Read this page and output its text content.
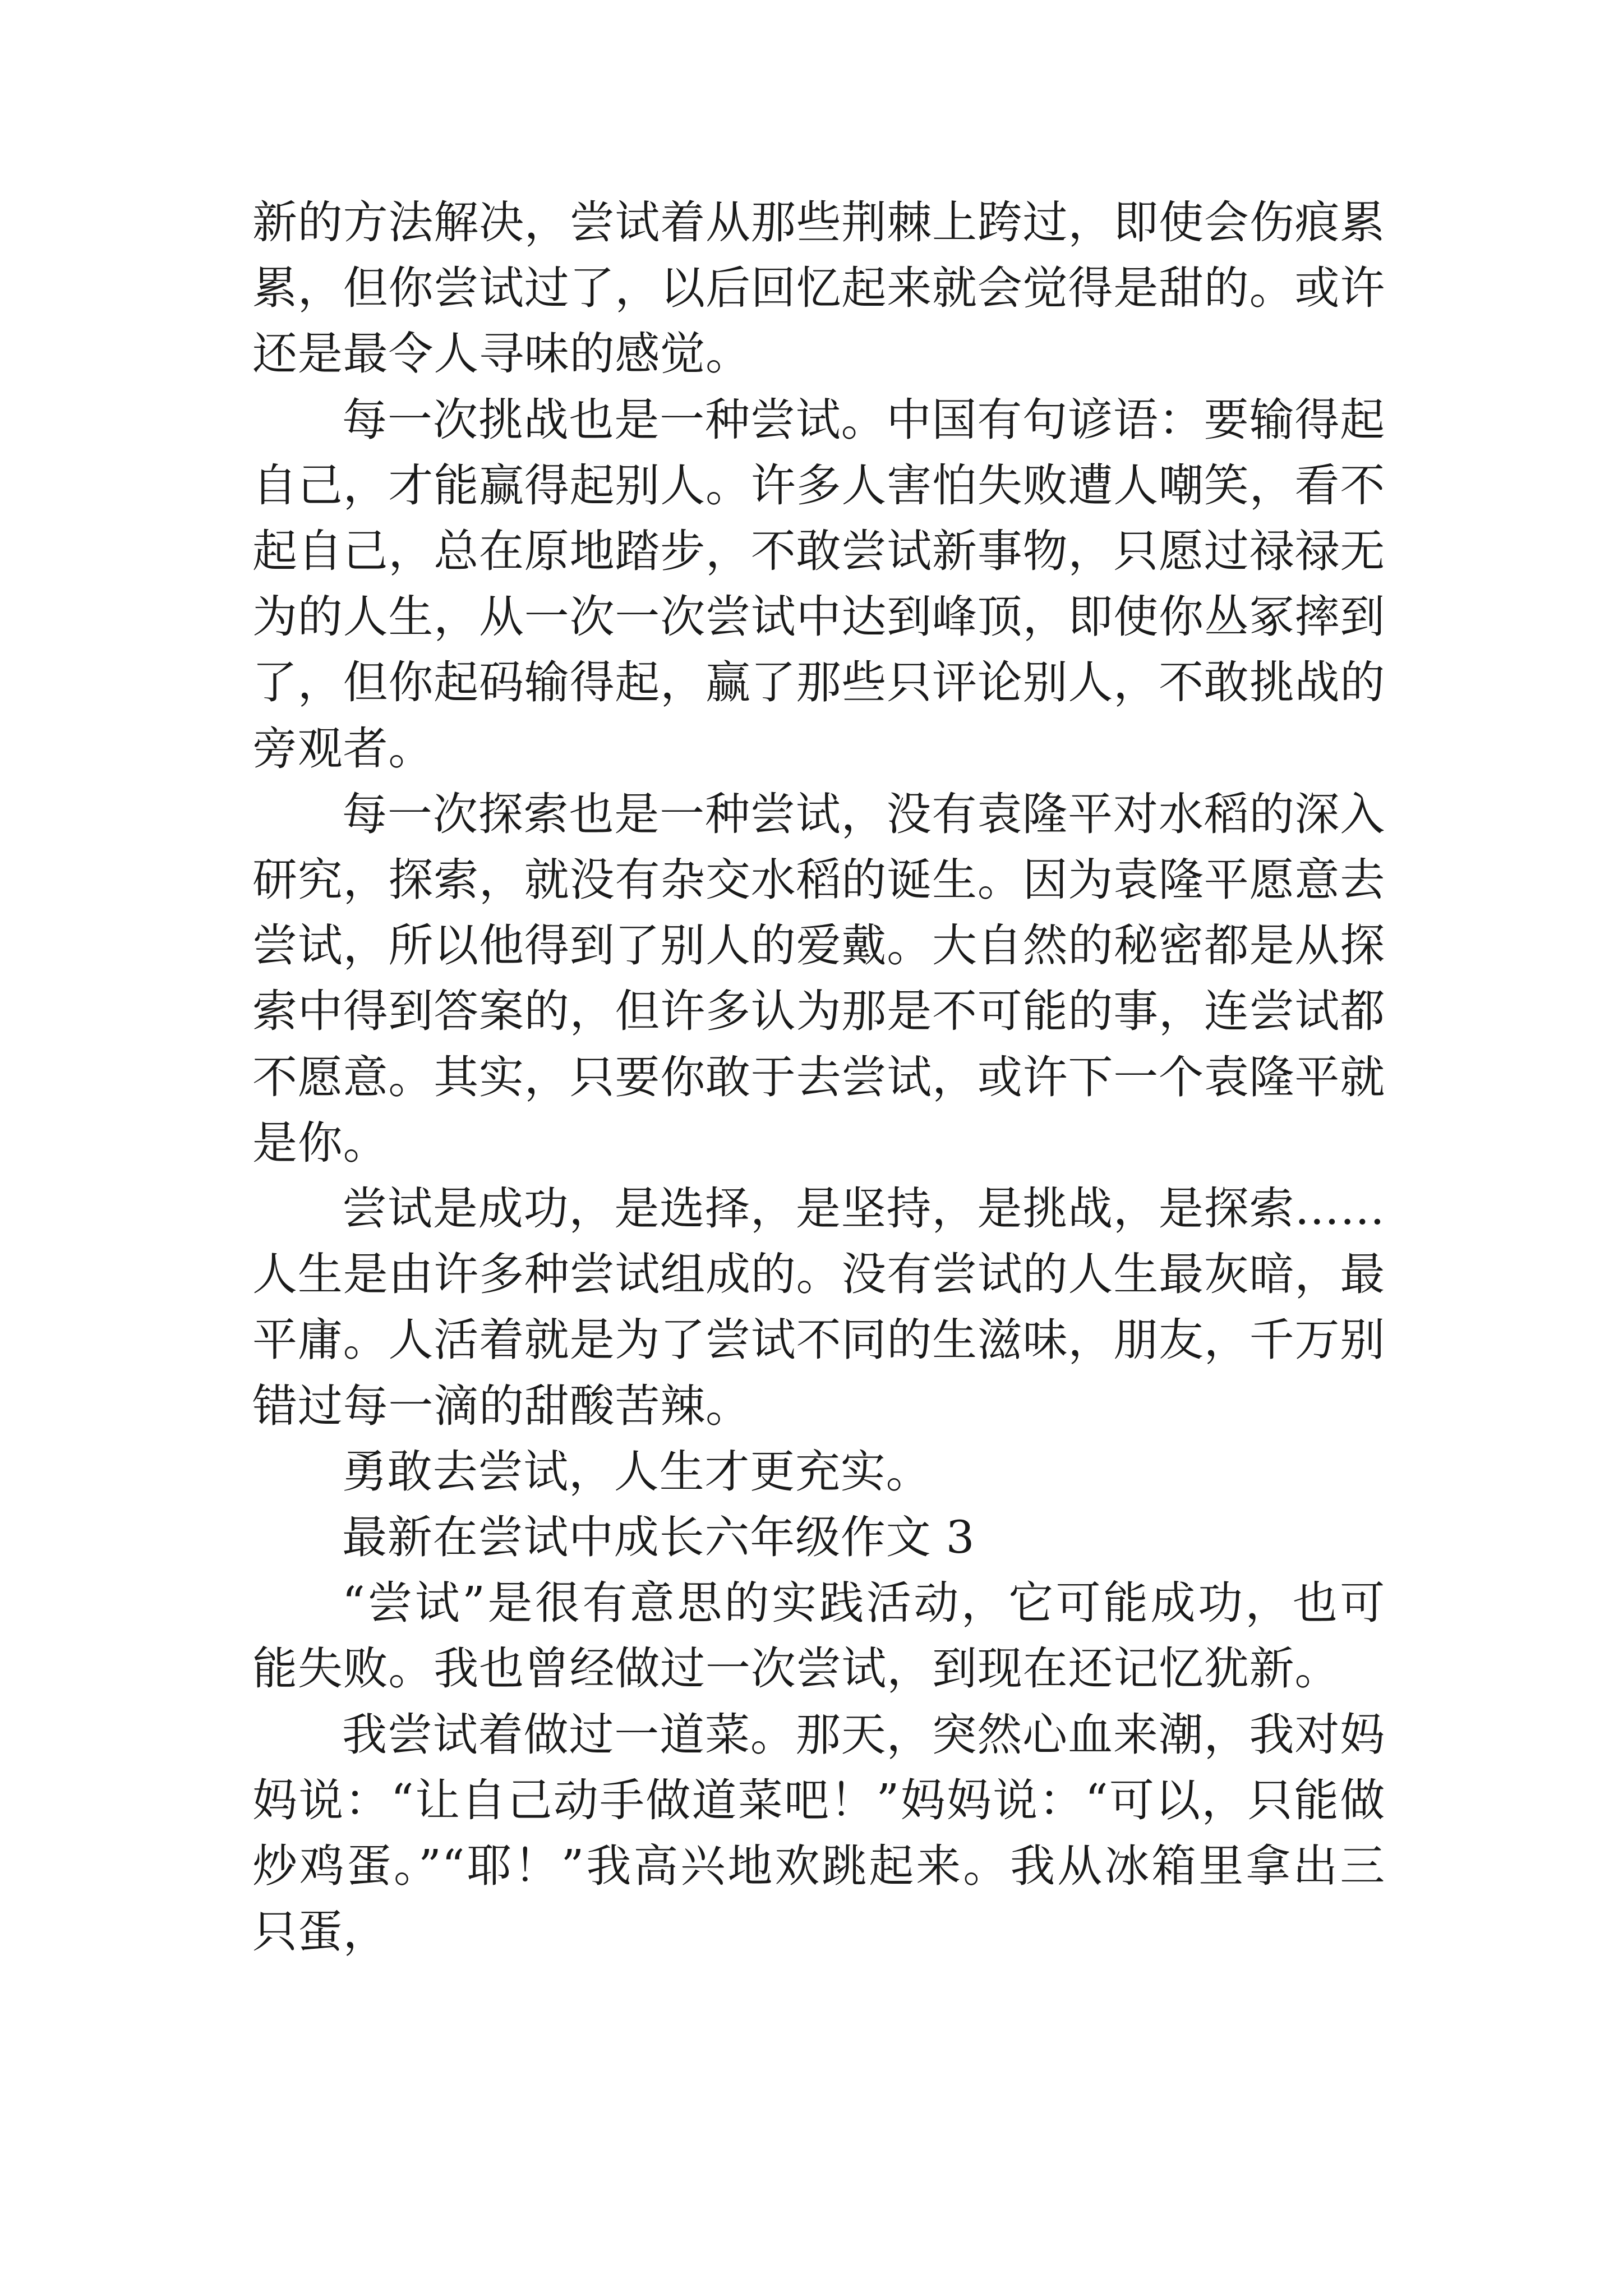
新的方法解决，尝试着从那些荆棘上跨过，即使会伤痕累累，但你尝试过了，以后回忆起来就会觉得是甜的。或许还是最令人寻味的感觉。

每一次挑战也是一种尝试。中国有句谚语：要输得起自己，才能赢得起别人。许多人害怕失败遭人嘲笑，看不起自己，总在原地踏步，不敢尝试新事物，只愿过禄禄无为的人生，从一次一次尝试中达到峰顶，即使你丛冢摔到了，但你起码输得起，赢了那些只评论别人，不敢挑战的旁观者。

每一次探索也是一种尝试，没有袁隆平对水稻的深入研究，探索，就没有杂交水稻的诞生。因为袁隆平愿意去尝试，所以他得到了别人的爱戴。大自然的秘密都是从探索中得到答案的，但许多认为那是不可能的事，连尝试都不愿意。其实，只要你敢于去尝试，或许下一个袁隆平就是你。

尝试是成功，是选择，是坚持，是挑战，是探索……人生是由许多种尝试组成的。没有尝试的人生最灰暗，最平庸。人活着就是为了尝试不同的生滋味，朋友，千万别错过每一滴的甜酸苦辣。

勇敢去尝试，人生才更充实。

最新在尝试中成长六年级作文 3

“尝试”是很有意思的实践活动，它可能成功，也可能失败。我也曾经做过一次尝试，到现在还记忆犹新。

我尝试着做过一道菜。那天，突然心血来潮，我对妈妈说：“让自己动手做道菜吧！”妈妈说：“可以，只能做炒鸡蛋。”“耶！”我高兴地欢跳起来。我从冰箱里拿出三只蛋，
